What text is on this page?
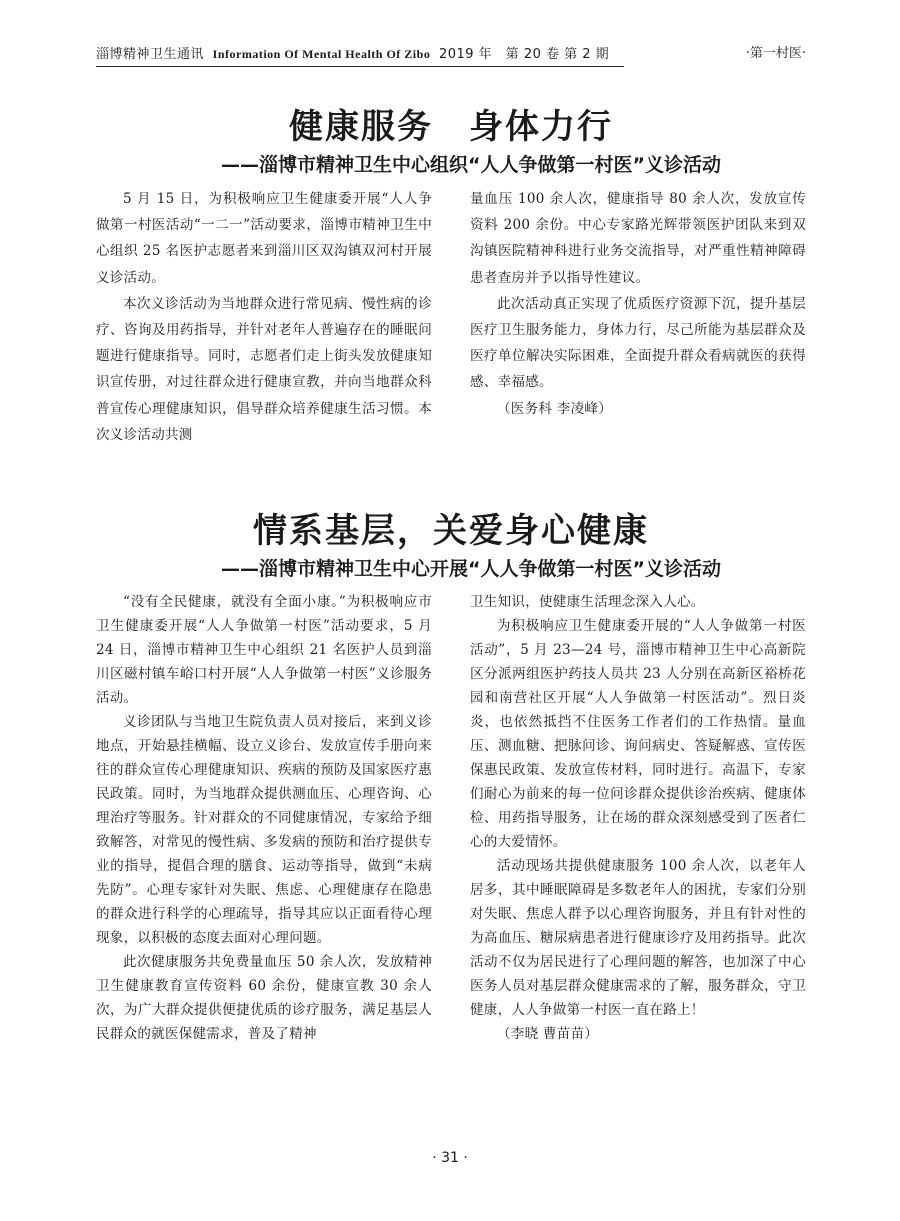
淄博精神卫生通讯 Information Of Mental Health Of Zibo 2019 年　第 20 卷 第 2 期	·第一村医·
健康服务　身体力行
——淄博市精神卫生中心组织“人人争做第一村医”义诊活动

5 月 15 日，为积极响应卫生健康委开展“人人争做第一村医活动“一二一”活动要求，淄博市精神卫生中心组织 25 名医护志愿者来到淄川区双沟镇双河村开展义诊活动。

本次义诊活动为当地群众进行常见病、慢性病的诊疗、咨询及用药指导，并针对老年人普遍存在的睡眠问题进行健康指导。同时，志愿者们走上街头发放健康知识宣传册，对过往群众进行健康宣教，并向当地群众科普宣传心理健康知识，倡导群众培养健康生活习惯。本次义诊活动共测

量血压 100 余人次，健康指导 80 余人次，发放宣传资料 200 余份。中心专家路光辉带领医护团队来到双沟镇医院精神科进行业务交流指导，对严重性精神障碍患者查房并予以指导性建议。

此次活动真正实现了优质医疗资源下沉，提升基层医疗卫生服务能力，身体力行，尽己所能为基层群众及医疗单位解决实际困难，全面提升群众看病就医的获得感、幸福感。

（医务科 李凌峰）

情系基层，关爱身心健康
——淄博市精神卫生中心开展“人人争做第一村医”义诊活动

“没有全民健康，就没有全面小康。”为积极响应市卫生健康委开展“人人争做第一村医”活动要求，5 月 24 日，淄博市精神卫生中心组织 21 名医护人员到淄川区磁村镇车峪口村开展“人人争做第一村医”义诊服务活动。

义诊团队与当地卫生院负责人员对接后，来到义诊地点，开始悬挂横幅、设立义诊台、发放宣传手册向来往的群众宣传心理健康知识、疾病的预防及国家医疗惠民政策。同时，为当地群众提供测血压、心理咨询、心理治疗等服务。针对群众的不同健康情况，专家给予细致解答，对常见的慢性病、多发病的预防和治疗提供专业的指导，提倡合理的膳食、运动等指导，做到“未病先防”。心理专家针对失眠、焦虑、心理健康存在隐患的群众进行科学的心理疏导，指导其应以正面看待心理现象，以积极的态度去面对心理问题。

此次健康服务共免费量血压 50 余人次，发放精神卫生健康教育宣传资料 60 余份，健康宣教 30 余人次，为广大群众提供便捷优质的诊疗服务，满足基层人民群众的就医保健需求，普及了精神

卫生知识，使健康生活理念深入人心。

为积极响应卫生健康委开展的“人人争做第一村医活动”，5 月 23—24 号，淄博市精神卫生中心高新院区分派两组医护药技人员共 23 人分别在高新区裕桥花园和南营社区开展“人人争做第一村医活动”。烈日炎炎，也依然抵挡不住医务工作者们的工作热情。量血压、测血糖、把脉问诊、询问病史、答疑解惑、宣传医保惠民政策、发放宣传材料，同时进行。高温下，专家们耐心为前来的每一位问诊群众提供诊治疾病、健康体检、用药指导服务，让在场的群众深刻感受到了医者仁心的大爱情怀。

活动现场共提供健康服务 100 余人次，以老年人居多，其中睡眠障碍是多数老年人的困扰，专家们分别对失眠、焦虑人群予以心理咨询服务，并且有针对性的为高血压、糖尿病患者进行健康诊疗及用药指导。此次活动不仅为居民进行了心理问题的解答，也加深了中心医务人员对基层群众健康需求的了解，服务群众，守卫健康，人人争做第一村医一直在路上！

（李晓 曹苗苗）

· 31 ·
